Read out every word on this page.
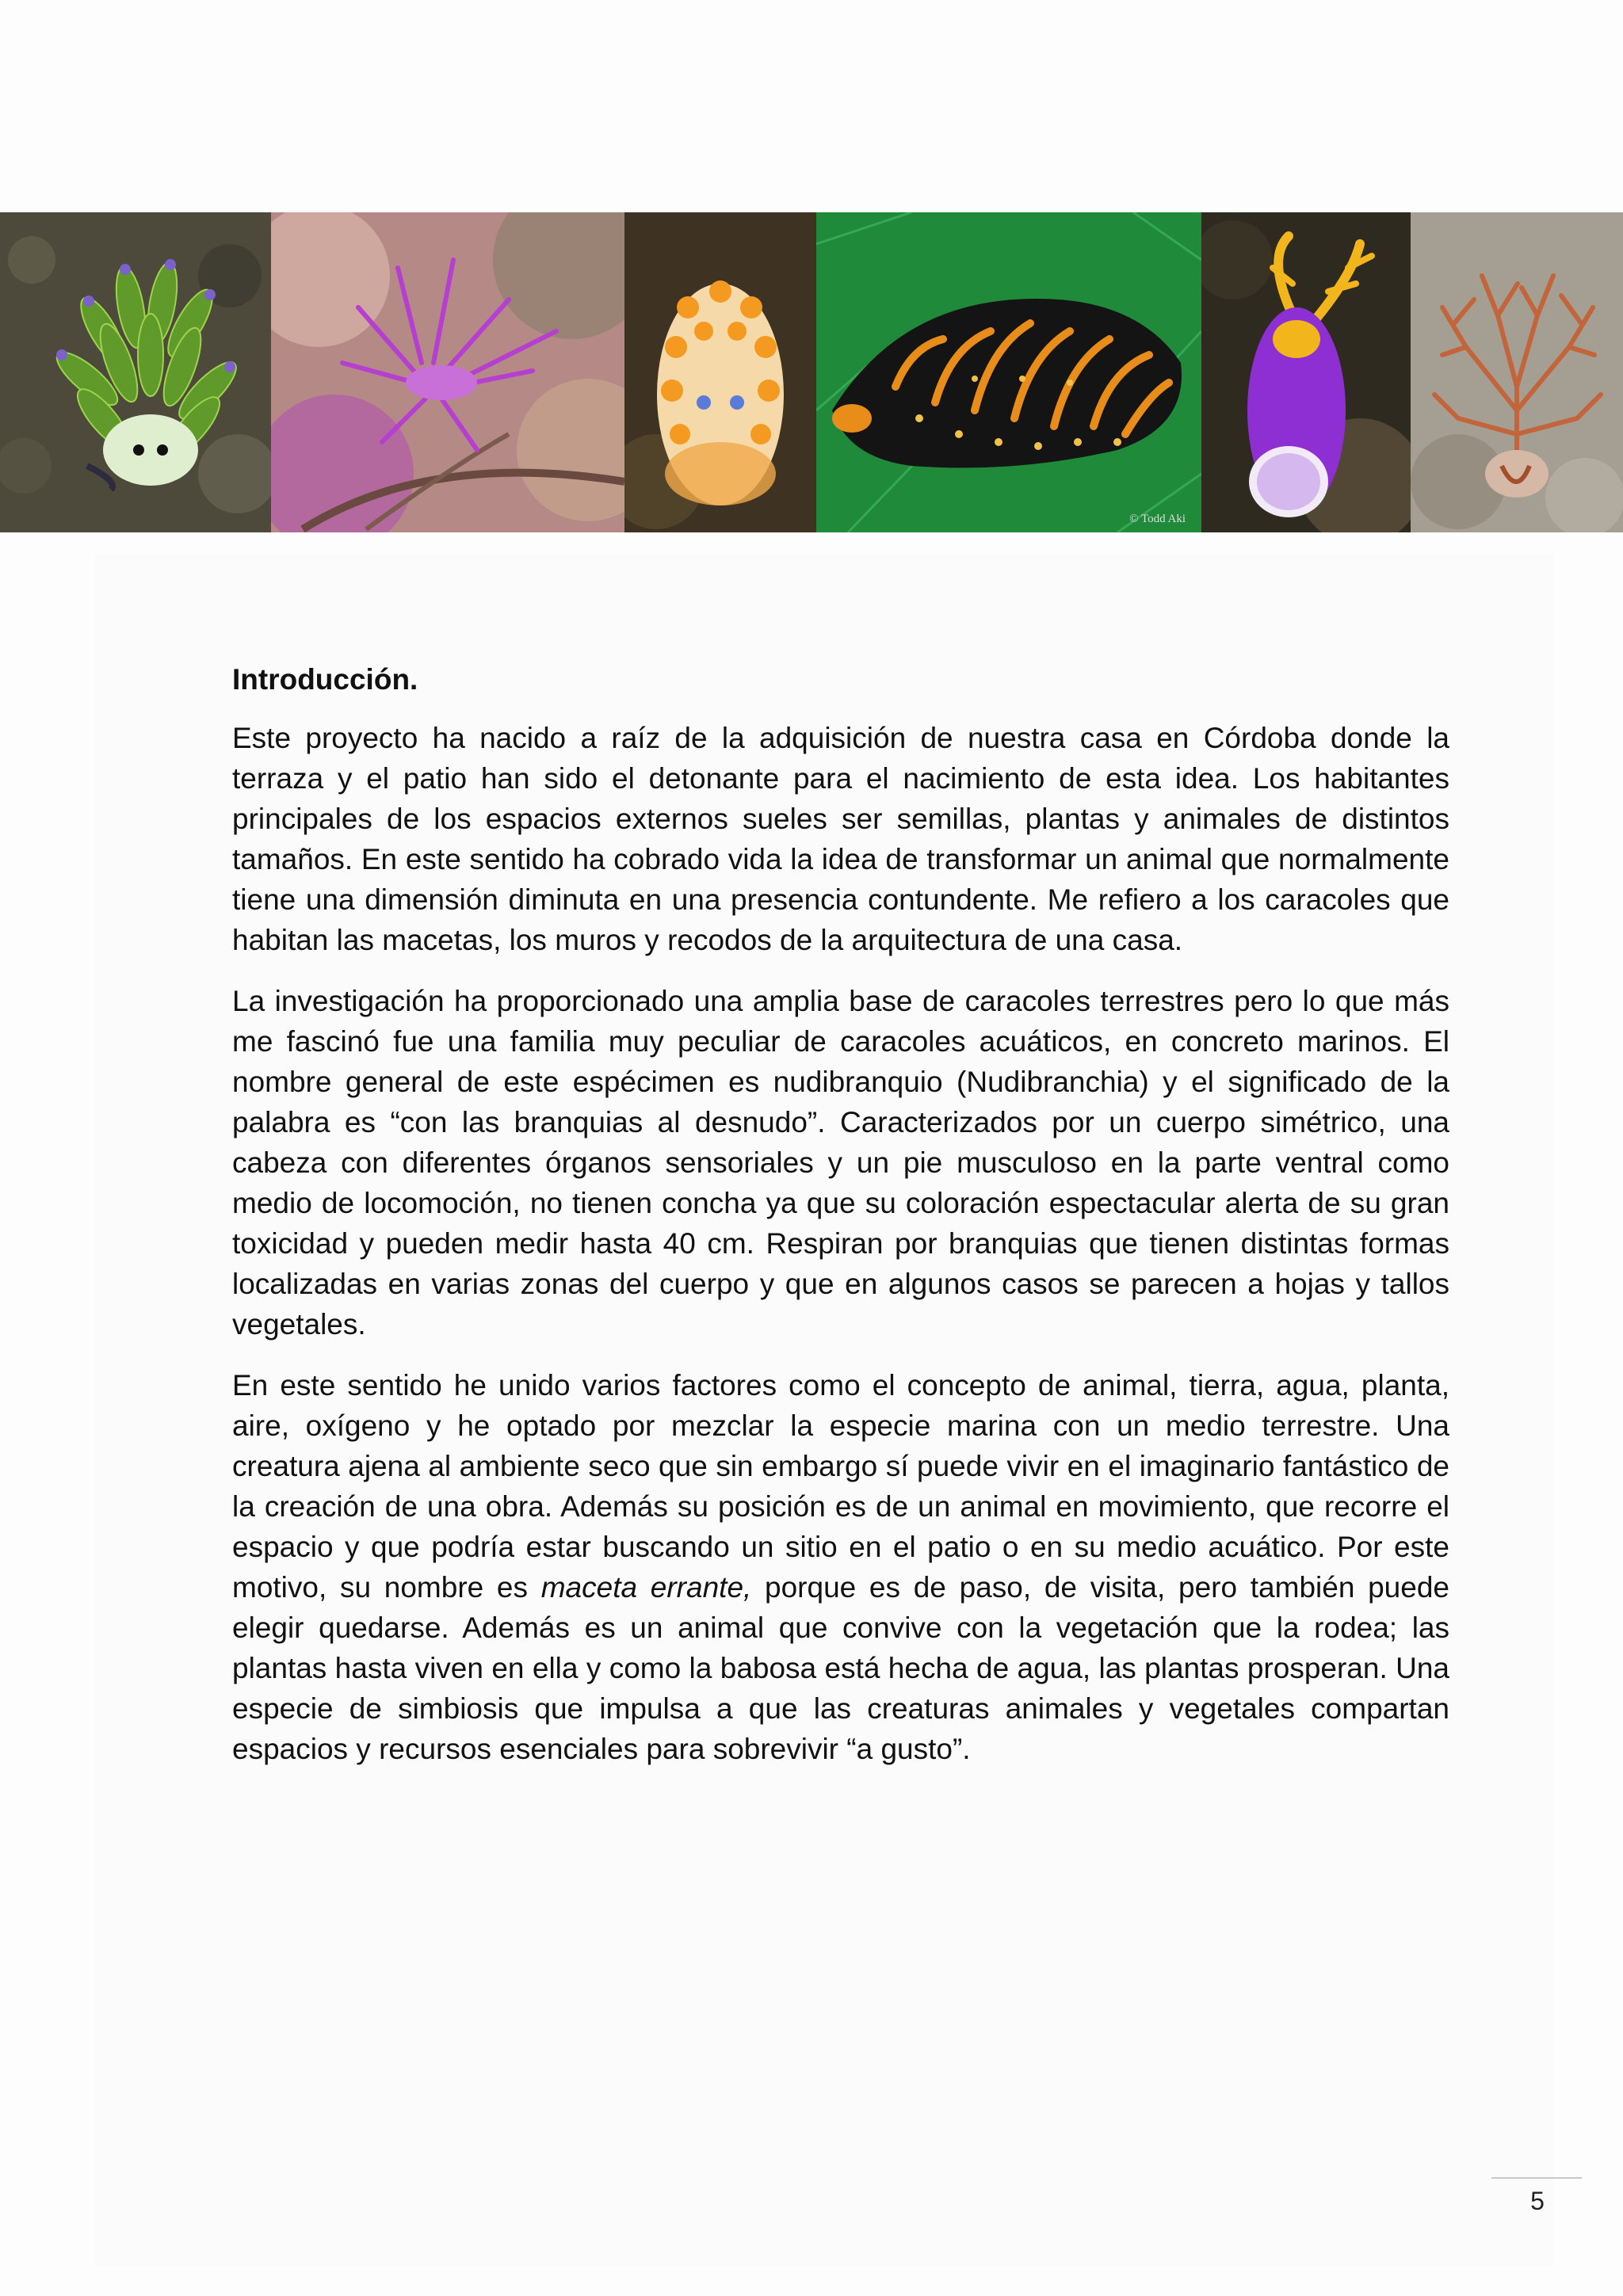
© Todd Aki
Introducción.

Este proyecto ha nacido a raíz de la adquisición de nuestra casa en Córdoba donde la terraza y el patio han sido el detonante para el nacimiento de esta idea. Los habitantes principales de los espacios externos sueles ser semillas, plantas y animales de distintos tamaños. En este sentido ha cobrado vida la idea de transformar un animal que normalmente tiene una dimensión diminuta en una presencia contundente. Me refiero a los caracoles que habitan las macetas, los muros y recodos de la arquitectura de una casa.

La investigación ha proporcionado una amplia base de caracoles terrestres pero lo que más me fascinó fue una familia muy peculiar de caracoles acuáticos, en concreto marinos. El nombre general de este espécimen es nudibranquio (Nudibranchia) y el significado de la palabra es “con las branquias al desnudo”. Caracterizados por un cuerpo simétrico, una cabeza con diferentes órganos sensoriales y un pie musculoso en la parte ventral como medio de locomoción, no tienen concha ya que su coloración espectacular alerta de su gran toxicidad y pueden medir hasta 40 cm. Respiran por branquias que tienen distintas formas localizadas en varias zonas del cuerpo y que en algunos casos se parecen a hojas y tallos vegetales.

En este sentido he unido varios factores como el concepto de animal, tierra, agua, planta, aire, oxígeno y he optado por mezclar la especie marina con un medio terrestre. Una creatura ajena al ambiente seco que sin embargo sí puede vivir en el imaginario fantástico de la creación de una obra. Además su posición es de un animal en movimiento, que recorre el espacio y que podría estar buscando un sitio en el patio o en su medio acuático. Por este motivo, su nombre es maceta errante, porque es de paso, de visita, pero también puede elegir quedarse. Además es un animal que convive con la vegetación que la rodea; las plantas hasta viven en ella y como la babosa está hecha de agua, las plantas prosperan. Una especie de simbiosis que impulsa a que las creaturas animales y vegetales compartan espacios y recursos esenciales para sobrevivir “a gusto”.

5
